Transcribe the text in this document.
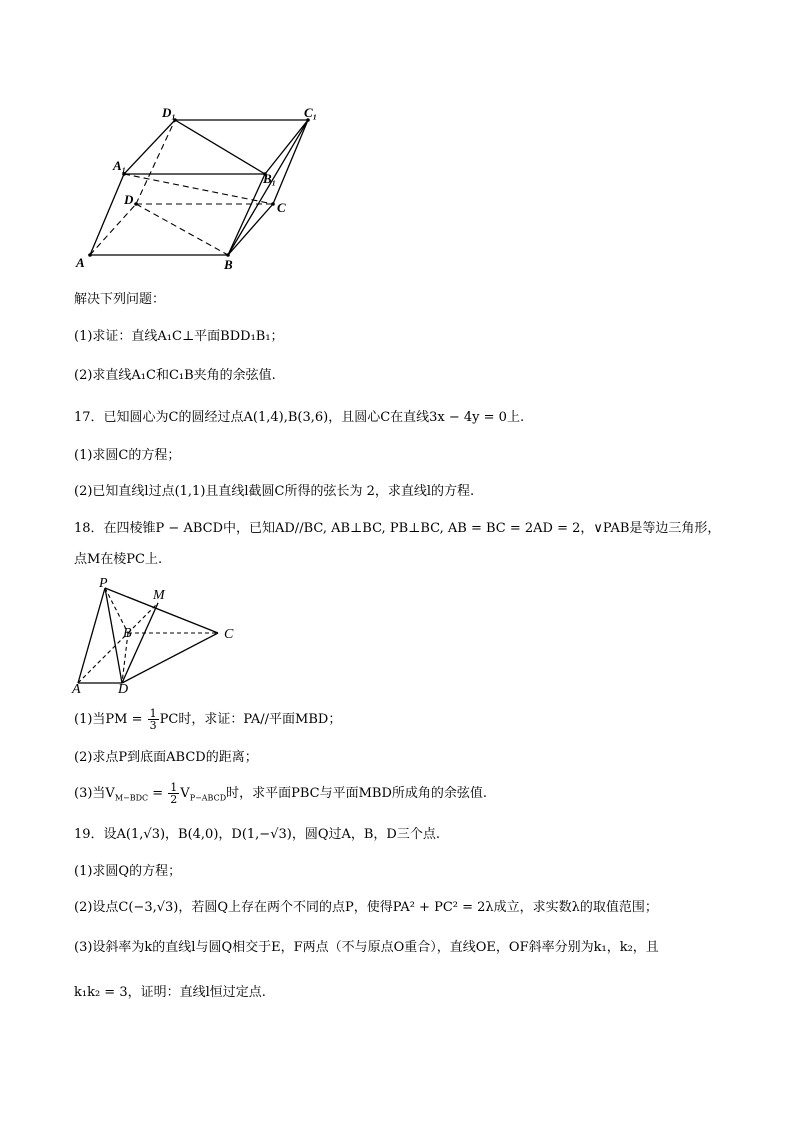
D₁	C₁
A₁
B₁
D
C
A	B
解决下列问题：
(1)求证：直线A₁C⊥平面BDD₁B₁；
(2)求直线A₁C和C₁B夹角的余弦值.
17．已知圆心为C的圆经过点A(1,4),B(3,6)，且圆心C在直线3x − 4y = 0上.
(1)求圆C的方程；
(2)已知直线l过点(1,1)且直线l截圆C所得的弦长为 2，求直线l的方程.
18．在四棱锥P − ABCD中，已知AD//BC, AB⊥BC, PB⊥BC, AB = BC = 2AD = 2，∨PAB是等边三角形，
点M在棱PC上.
P
M
B	C
A	D
(1)当PM = $\frac{1}{3}$ PC时，求证：PA//平面MBD；
(2)求点P到底面ABCD的距离；
(3)当$V_{M-BDC} = \frac{1}{2} V_{P-ABCD}$时，求平面PBC与平面MBD所成角的余弦值.
19．设A(1,√3)，B(4,0)，D(1,−√3)，圆Q过A，B，D三个点.
(1)求圆Q的方程；
(2)设点C(−3,√3)，若圆Q上存在两个不同的点P，使得PA² + PC² = 2λ成立，求实数λ的取值范围；
(3)设斜率为k的直线l与圆Q相交于E，F两点（不与原点O重合），直线OE，OF斜率分别为k₁，k₂，且
k₁k₂ = 3，证明：直线l恒过定点.
